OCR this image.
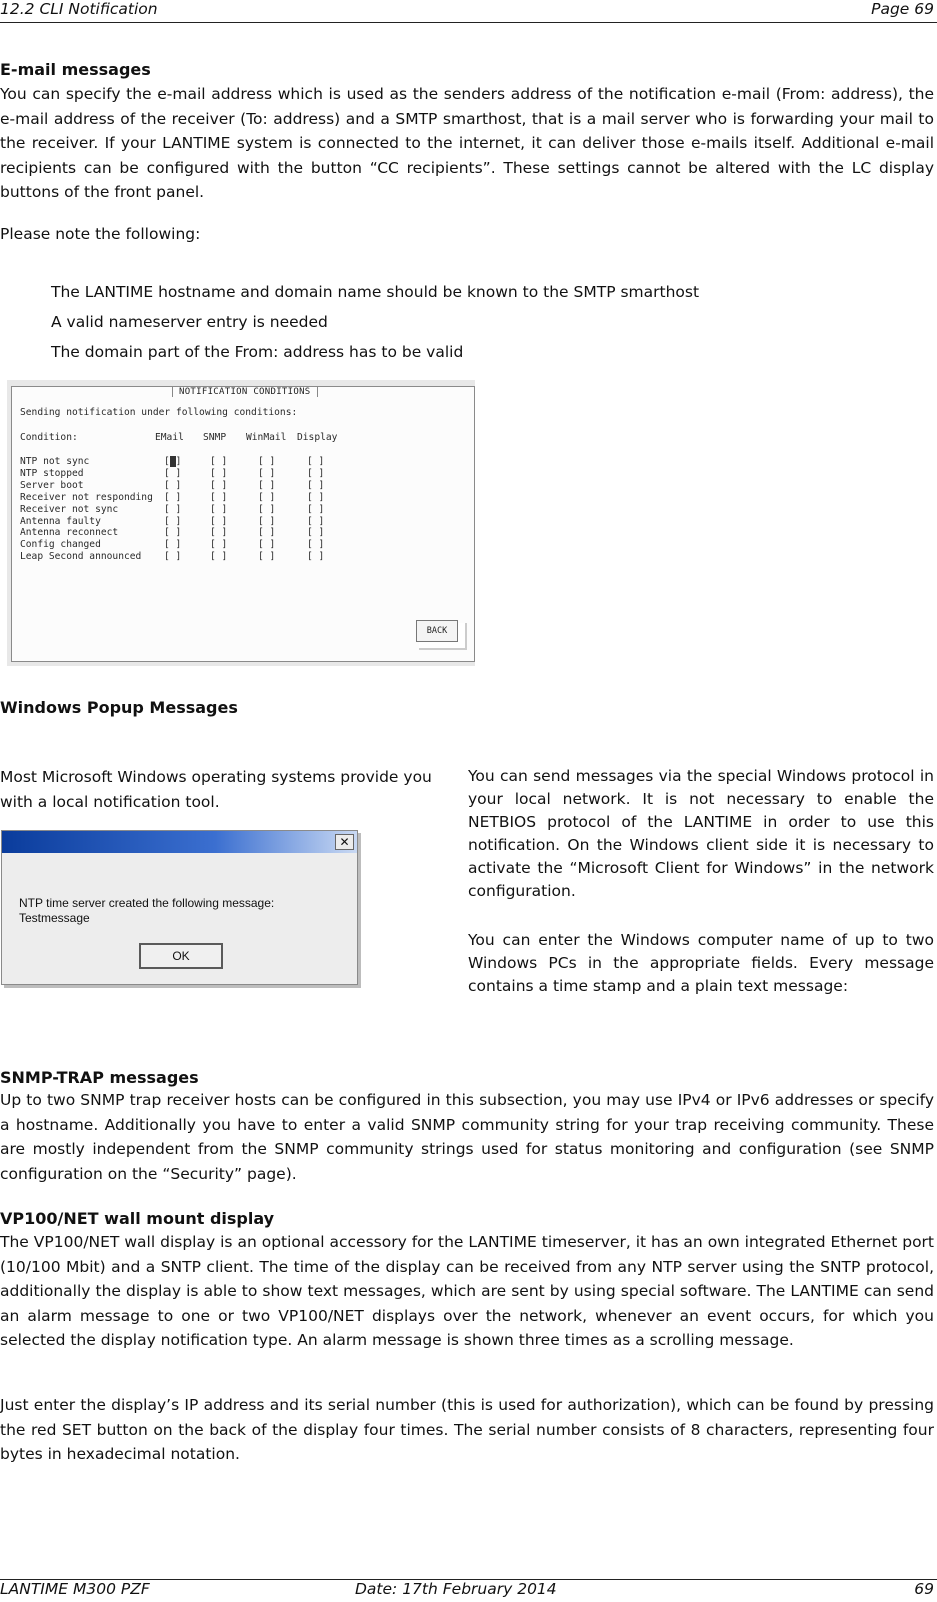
12.2 CLI Notification	Page 69
E-mail messages

You can specify the e-mail address which is used as the senders address of the notification e-mail (From: address), the e-mail address of the receiver (To: address) and a SMTP smarthost, that is a mail server who is forwarding your mail to the receiver. If your LANTIME system is connected to the internet, it can deliver those e-mails itself. Additional e-mail recipients can be configured with the button “CC recipients”. These settings cannot be altered with the LC display buttons of the front panel.

Please note the following:

The LANTIME hostname and domain name should be known to the SMTP smarthost

A valid nameserver entry is needed

The domain part of the From: address has to be valid

NOTIFICATION CONDITIONS

Sending notification under following conditions:

Condition:	EMail SNMP WinMail Display

NTP not sync	[ ]	[ ]	[ ]	[ ]

NTP stopped	[ ]	[ ]	[ ]	[ ]

Server boot	[ ]	[ ]	[ ]	[ ]

Receiver not responding [ ]	[ ]	[ ]	[ ]

Receiver not sync	[ ]	[ ]	[ ]	[ ]

Antenna faulty	[ ]	[ ]	[ ]	[ ]

Antenna reconnect	[ ]	[ ]	[ ]	[ ]

Config changed	[ ]	[ ]	[ ]	[ ]

Leap Second announced [ ]	[ ]	[ ]	[ ]
BACK
Windows Popup Messages

Most Microsoft Windows operating systems provide you with a local notification tool.

✕

NTP time server created the following message:

Testmessage

OK

You can send messages via the special Windows protocol in your local network. It is not necessary to enable the NETBIOS protocol of the LANTIME in order to use this notification. On the Windows client side it is necessary to activate the “Microsoft Client for Windows” in the network configuration.

You can enter the Windows computer name of up to two Windows PCs in the appropriate fields. Every message contains a time stamp and a plain text message:

SNMP-TRAP messages

Up to two SNMP trap receiver hosts can be configured in this subsection, you may use IPv4 or IPv6 addresses or specify a hostname. Additionally you have to enter a valid SNMP community string for your trap receiving community. These are mostly independent from the SNMP community strings used for status monitoring and configuration (see SNMP configuration on the “Security” page).

VP100/NET wall mount display

The VP100/NET wall display is an optional accessory for the LANTIME timeserver, it has an own integrated Ethernet port (10/100 Mbit) and a SNTP client. The time of the display can be received from any NTP server using the SNTP protocol, additionally the display is able to show text messages, which are sent by using special software. The LANTIME can send an alarm message to one or two VP100/NET displays over the network, whenever an event occurs, for which you selected the display notification type. An alarm message is shown three times as a scrolling message.

Just enter the display’s IP address and its serial number (this is used for authorization), which can be found by pressing the red SET button on the back of the display four times. The serial number consists of 8 characters, representing four bytes in hexadecimal notation.

LANTIME M300 PZF	Date: 17th February 2014	69
